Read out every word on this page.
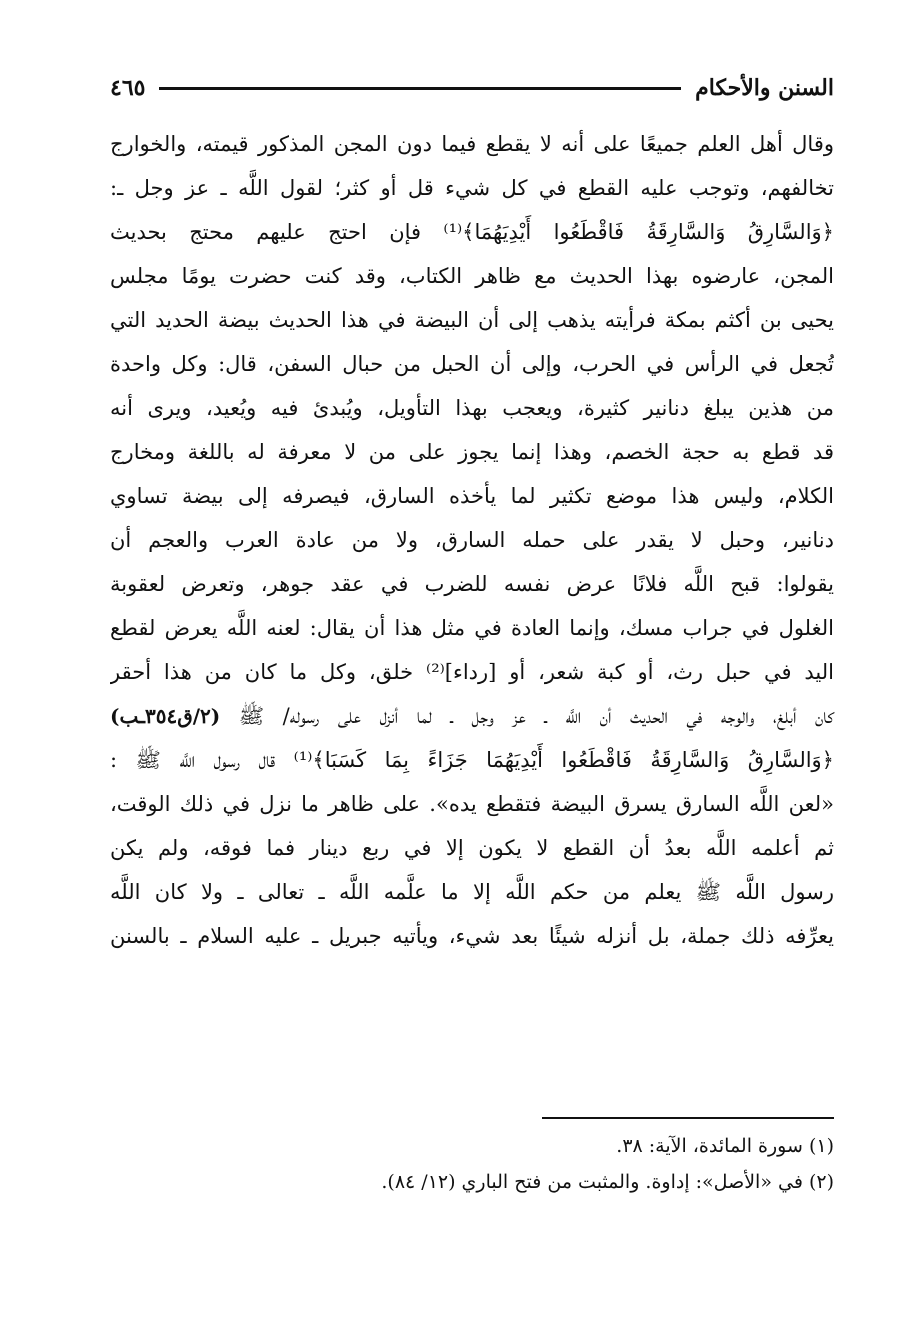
السنن والأحكام
٤٦٥
وقال أهل العلم جميعًا على أنه لا يقطع فيما دون المجن المذكور قيمته، والخوارج
تخالفهم، وتوجب عليه القطع في كل شيء قل أو كثر؛ لقول اللَّه ـ عز وجل ـ:
﴿وَالسَّارِقُ وَالسَّارِقَةُ فَاقْطَعُوا أَيْدِيَهُمَا﴾⁽¹⁾ فإن احتج عليهم محتج بحديث
المجن، عارضوه بهذا الحديث مع ظاهر الكتاب، وقد كنت حضرت يومًا مجلس
يحيى بن أكثم بمكة فرأيته يذهب إلى أن البيضة في هذا الحديث بيضة الحديد التي
تُجعل في الرأس في الحرب، وإلى أن الحبل من حبال السفن، قال: وكل واحدة
من هذين يبلغ دنانير كثيرة، ويعجب بهذا التأويل، ويُبدئ فيه ويُعيد، ويرى أنه
قد قطع به حجة الخصم، وهذا إنما يجوز على من لا معرفة له باللغة ومخارج
الكلام، وليس هذا موضع تكثير لما يأخذه السارق، فيصرفه إلى بيضة تساوي
دنانير، وحبل لا يقدر على حمله السارق، ولا من عادة العرب والعجم أن
يقولوا: قبح اللَّه فلانًا عرض نفسه للضرب في عقد جوهر، وتعرض لعقوبة
الغلول في جراب مسك، وإنما العادة في مثل هذا أن يقال: لعنه اللَّه يعرض لقطع
اليد في حبل رث، أو كبة شعر، أو [رداء]⁽²⁾ خلق، وكل ما كان من هذا أحقر
كان أبلغ، والوجه في الحديث أن اللَّه ـ عز وجل ـ لما أنزل على رسوله/ ﷺ (٢/ق٣٥٤ـب)
﴿وَالسَّارِقُ وَالسَّارِقَةُ فَاقْطَعُوا أَيْدِيَهُمَا جَزَاءً بِمَا كَسَبَا﴾⁽¹⁾ قال رسول اللَّه ﷺ :
«لعن اللَّه السارق يسرق البيضة فتقطع يده». على ظاهر ما نزل في ذلك الوقت،
ثم أعلمه اللَّه بعدُ أن القطع لا يكون إلا في ربع دينار فما فوقه، ولم يكن
رسول اللَّه ﷺ يعلم من حكم اللَّه إلا ما علَّمه اللَّه ـ تعالى ـ ولا كان اللَّه
يعرِّفه ذلك جملة، بل أنزله شيئًا بعد شيء، ويأتيه جبريل ـ عليه السلام ـ بالسنن
(١) سورة المائدة، الآية: ٣٨.
(٢) في «الأصل»: إداوة. والمثبت من فتح الباري (١٢/ ٨٤).
